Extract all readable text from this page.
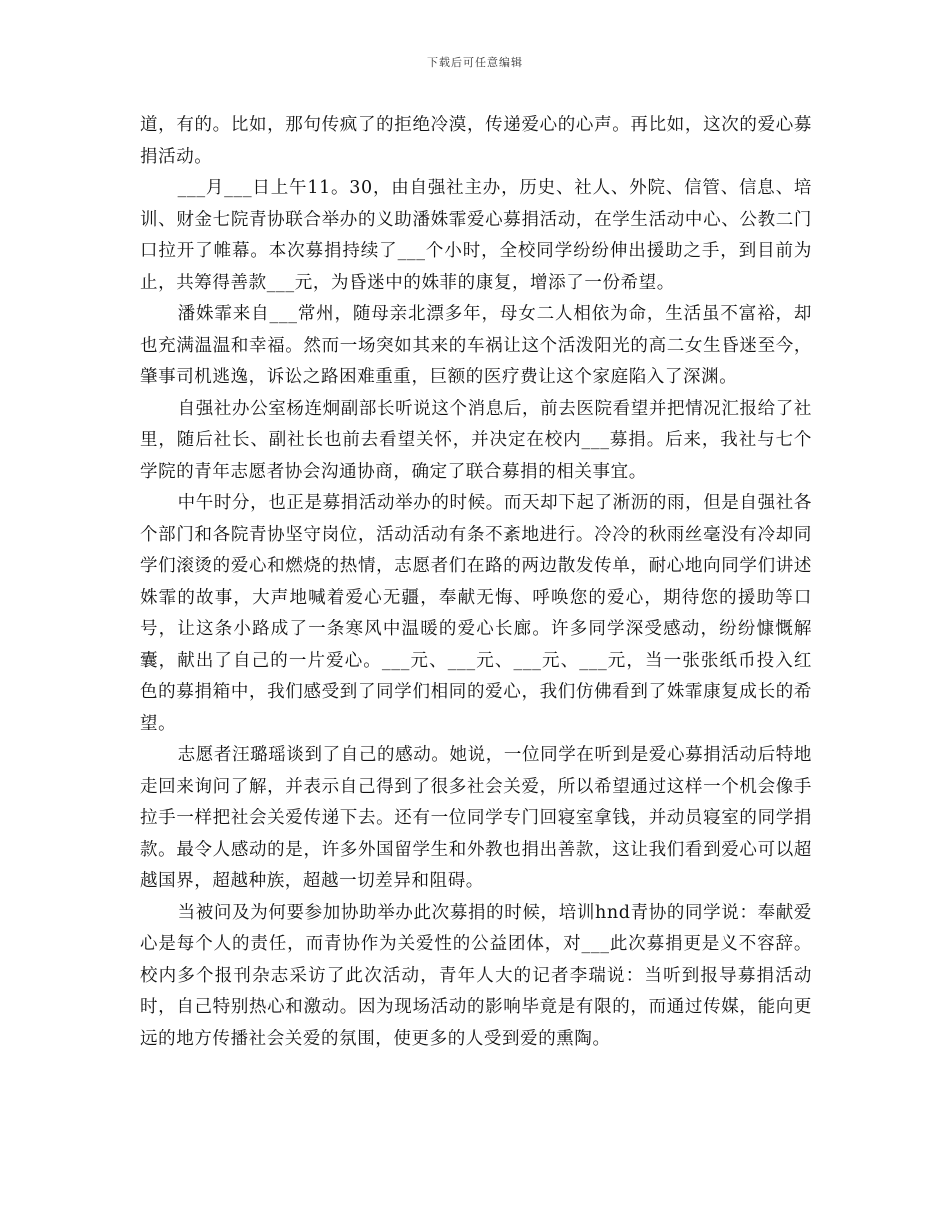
下载后可任意编辑

道，有的。比如，那句传疯了的拒绝冷漠，传递爱心的心声。再比如，这次的爱心募捐活动。

___月___日上午11。30，由自强社主办，历史、社人、外院、信管、信息、培训、财金七院青协联合举办的义助潘姝霏爱心募捐活动，在学生活动中心、公教二门口拉开了帷幕。本次募捐持续了___个小时，全校同学纷纷伸出援助之手，到目前为止，共筹得善款___元，为昏迷中的姝菲的康复，增添了一份希望。

潘姝霏来自___常州，随母亲北漂多年，母女二人相依为命，生活虽不富裕，却也充满温温和幸福。然而一场突如其来的车祸让这个活泼阳光的高二女生昏迷至今，肇事司机逃逸，诉讼之路困难重重，巨额的医疗费让这个家庭陷入了深渊。

自强社办公室杨连炯副部长听说这个消息后，前去医院看望并把情况汇报给了社里，随后社长、副社长也前去看望关怀，并决定在校内___募捐。后来，我社与七个学院的青年志愿者协会沟通协商，确定了联合募捐的相关事宜。

中午时分，也正是募捐活动举办的时候。而天却下起了淅沥的雨，但是自强社各个部门和各院青协坚守岗位，活动活动有条不紊地进行。冷冷的秋雨丝毫没有冷却同学们滚烫的爱心和燃烧的热情，志愿者们在路的两边散发传单，耐心地向同学们讲述姝霏的故事，大声地喊着爱心无疆，奉献无悔、呼唤您的爱心，期待您的援助等口号，让这条小路成了一条寒风中温暖的爱心长廊。许多同学深受感动，纷纷慷慨解囊，献出了自己的一片爱心。___元、___元、___元、___元，当一张张纸币投入红色的募捐箱中，我们感受到了同学们相同的爱心，我们仿佛看到了姝霏康复成长的希望。

志愿者汪璐瑶谈到了自己的感动。她说，一位同学在听到是爱心募捐活动后特地走回来询问了解，并表示自己得到了很多社会关爱，所以希望通过这样一个机会像手拉手一样把社会关爱传递下去。还有一位同学专门回寝室拿钱，并动员寝室的同学捐款。最令人感动的是，许多外国留学生和外教也捐出善款，这让我们看到爱心可以超越国界，超越种族，超越一切差异和阻碍。

当被问及为何要参加协助举办此次募捐的时候，培训hnd青协的同学说：奉献爱心是每个人的责任，而青协作为关爱性的公益团体，对___此次募捐更是义不容辞。校内多个报刊杂志采访了此次活动，青年人大的记者李瑞说：当听到报导募捐活动时，自己特别热心和激动。因为现场活动的影响毕竟是有限的，而通过传媒，能向更远的地方传播社会关爱的氛围，使更多的人受到爱的熏陶。
